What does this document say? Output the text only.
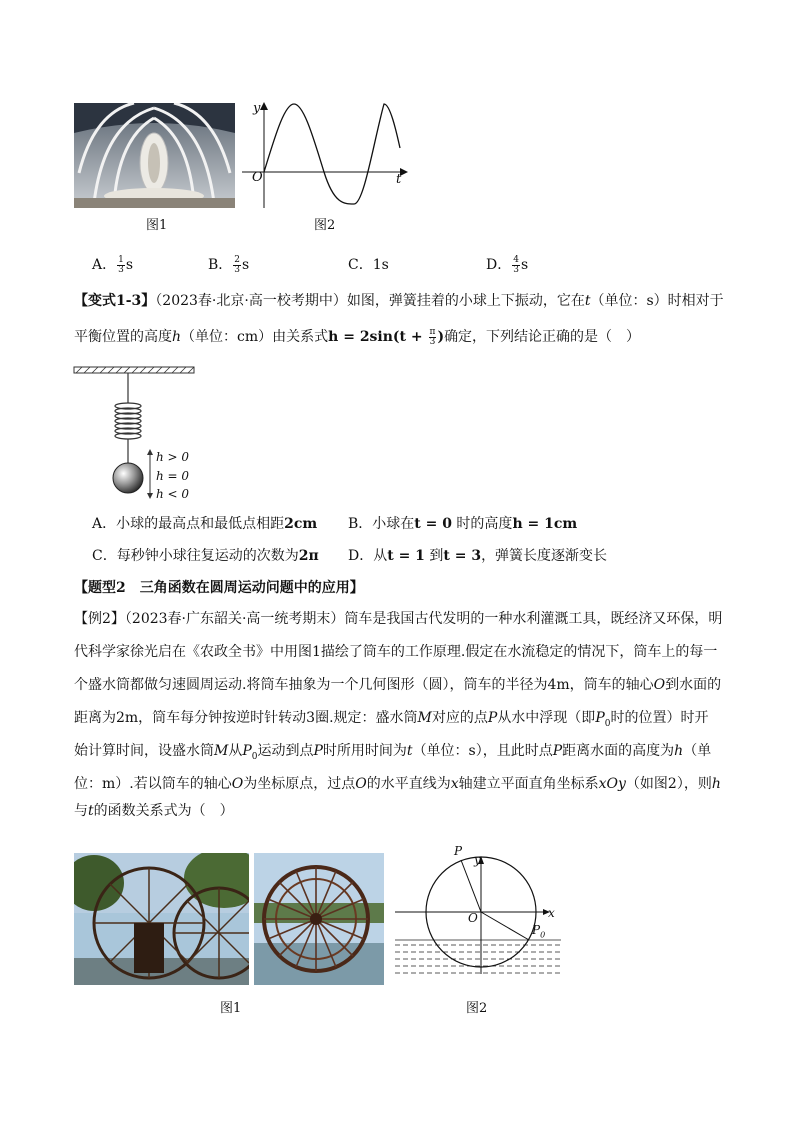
图1
y
O	t
图2
A． $\frac{1}{3}$ s	B． $\frac{2}{3}$ s	C．1s	D． $\frac{4}{3}$ s
【变式1-3】（2023春·北京·高一校考期中）如图，弹簧挂着的小球上下振动，它在t（单位：s）时相对于
平衡位置的高度h（单位：cm）由关系式$h = 2\sin(t + \frac{\pi}{3}$ )确定，下列结论正确的是（　）
h > 0
h = 0
h < 0
A．小球的最高点和最低点相距2cm B．小球在t = 0 时的高度h = 1cm
C．每秒钟小球往复运动的次数为2π D．从t = 1 到t = 3，弹簧长度逐渐变长
【题型2　三角函数在圆周运动问题中的应用】
【例2】（2023春·广东韶关·高一统考期末）筒车是我国古代发明的一种水利灌溉工具，既经济又环保，明
代科学家徐光启在《农政全书》中用图1描绘了筒车的工作原理.假定在水流稳定的情况下，筒车上的每一
个盛水筒都做匀速圆周运动.将筒车抽象为一个几何图形（圆），筒车的半径为4m，筒车的轴心O到水面的
距离为2m，筒车每分钟按逆时针转动3圈.规定：盛水筒M对应的点P从水中浮现（即$P_0$时的位置）时开
始计算时间，设盛水筒M从$P_0$运动到点P时所用时间为t（单位：s），且此时点P距离水面的高度为h（单
位：m）.若以筒车的轴心O为坐标原点，过点O的水平直线为x轴建立平面直角坐标系xOy（如图2），则h
与t的函数关系式为（　）
图1
y
x
O
P
$P_0$
图2
